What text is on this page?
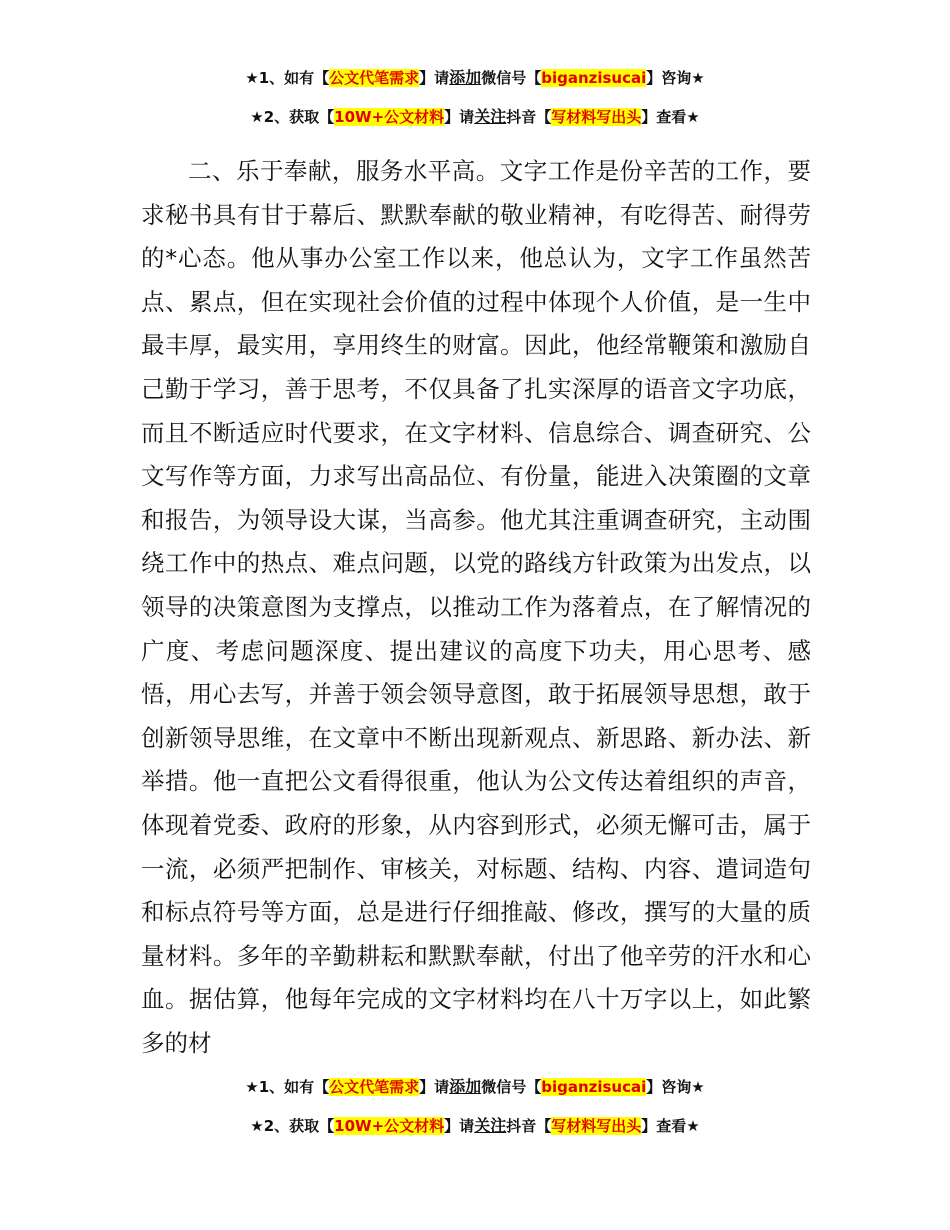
★1、如有【公文代笔需求】请添加微信号【biganzisucai】咨询★
★2、获取【10W+公文材料】请关注抖音【写材料写出头】查看★

二、乐于奉献，服务水平高。文字工作是份辛苦的工作，要求秘书具有甘于幕后、默默奉献的敬业精神，有吃得苦、耐得劳的*心态。他从事办公室工作以来，他总认为，文字工作虽然苦点、累点，但在实现社会价值的过程中体现个人价值，是一生中最丰厚，最实用，享用终生的财富。因此，他经常鞭策和激励自己勤于学习，善于思考，不仅具备了扎实深厚的语音文字功底，而且不断适应时代要求，在文字材料、信息综合、调查研究、公文写作等方面，力求写出高品位、有份量，能进入决策圈的文章和报告，为领导设大谋，当高参。他尤其注重调查研究，主动围绕工作中的热点、难点问题，以党的路线方针政策为出发点，以领导的决策意图为支撑点，以推动工作为落着点，在了解情况的广度、考虑问题深度、提出建议的高度下功夫，用心思考、感悟，用心去写，并善于领会领导意图，敢于拓展领导思想，敢于创新领导思维，在文章中不断出现新观点、新思路、新办法、新举措。他一直把公文看得很重，他认为公文传达着组织的声音，体现着党委、政府的形象，从内容到形式，必须无懈可击，属于一流，必须严把制作、审核关，对标题、结构、内容、遣词造句和标点符号等方面，总是进行仔细推敲、修改，撰写的大量的质量材料。多年的辛勤耕耘和默默奉献，付出了他辛劳的汗水和心血。据估算，他每年完成的文字材料均在八十万字以上，如此繁多的材

★1、如有【公文代笔需求】请添加微信号【biganzisucai】咨询★
★2、获取【10W+公文材料】请关注抖音【写材料写出头】查看★
